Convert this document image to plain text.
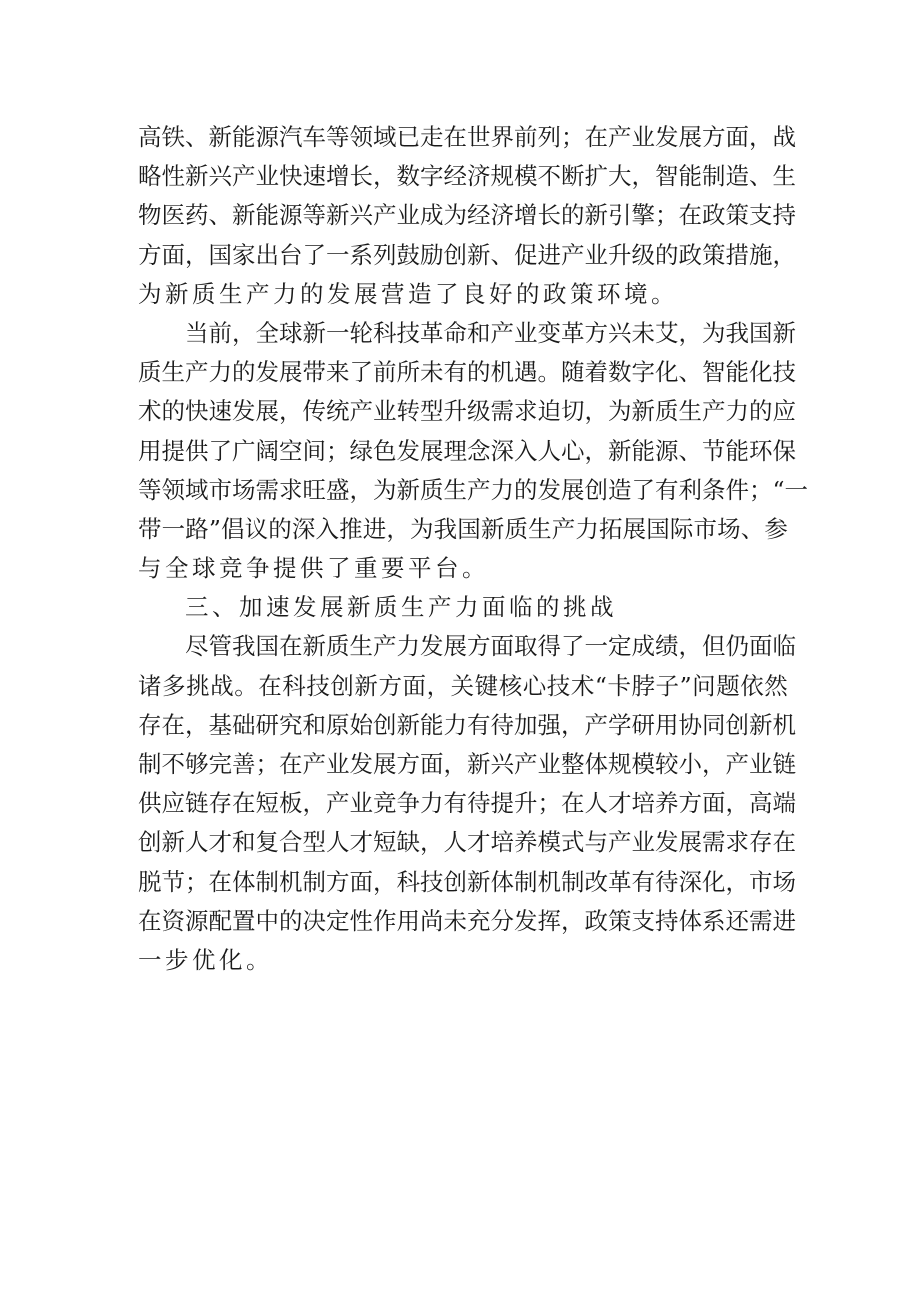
高 铁 、 新 能 源 汽 车 等 领 域 已 走 在 世 界 前 列 ； 在 产 业 发 展 方 面 ， 战
略 性 新 兴 产 业 快 速 增 长 ， 数 字 经 济 规 模 不 断 扩 大 ， 智 能 制 造 、 生
物 医 药 、 新 能 源 等 新 兴 产 业 成 为 经 济 增 长 的 新 引 擎 ； 在 政 策 支 持
方 面 ， 国 家 出 台 了 一 系 列 鼓 励 创 新 、 促 进 产 业 升 级 的 政 策 措 施 ，
为新质生产力的发展营造了良好的政策环境。
当 前 ， 全 球 新 一 轮 科 技 革 命 和 产 业 变 革 方 兴 未 艾 ， 为 我 国 新
质 生 产 力 的 发 展 带 来 了 前 所 未 有 的 机 遇 。 随 着 数 字 化 、 智 能 化 技
术 的 快 速 发 展 ， 传 统 产 业 转 型 升 级 需 求 迫 切 ， 为 新 质 生 产 力 的 应
用 提 供 了 广 阔 空 间 ； 绿 色 发 展 理 念 深 入 人 心 ， 新 能 源 、 节 能 环 保
等 领 域 市 场 需 求 旺 盛 ， 为 新 质 生 产 力 的 发 展 创 造 了 有 利 条 件 ； “ 一
带 一 路 ” 倡 议 的 深 入 推 进 ， 为 我 国 新 质 生 产 力 拓 展 国 际 市 场 、 参
与全球竞争提供了重要平台。
三、加速发展新质生产力面临的挑战
尽 管 我 国 在 新 质 生 产 力 发 展 方 面 取 得 了 一 定 成 绩 ， 但 仍 面 临
诸 多 挑 战 。 在 科 技 创 新 方 面 ， 关 键 核 心 技 术 “ 卡 脖 子 ” 问 题 依 然
存 在 ， 基 础 研 究 和 原 始 创 新 能 力 有 待 加 强 ， 产 学 研 用 协 同 创 新 机
制 不 够 完 善 ； 在 产 业 发 展 方 面 ， 新 兴 产 业 整 体 规 模 较 小 ， 产 业 链
供 应 链 存 在 短 板 ， 产 业 竞 争 力 有 待 提 升 ； 在 人 才 培 养 方 面 ， 高 端
创 新 人 才 和 复 合 型 人 才 短 缺 ， 人 才 培 养 模 式 与 产 业 发 展 需 求 存 在
脱 节 ； 在 体 制 机 制 方 面 ， 科 技 创 新 体 制 机 制 改 革 有 待 深 化 ， 市 场
在 资 源 配 置 中 的 决 定 性 作 用 尚 未 充 分 发 挥 ， 政 策 支 持 体 系 还 需 进
一步优化。
